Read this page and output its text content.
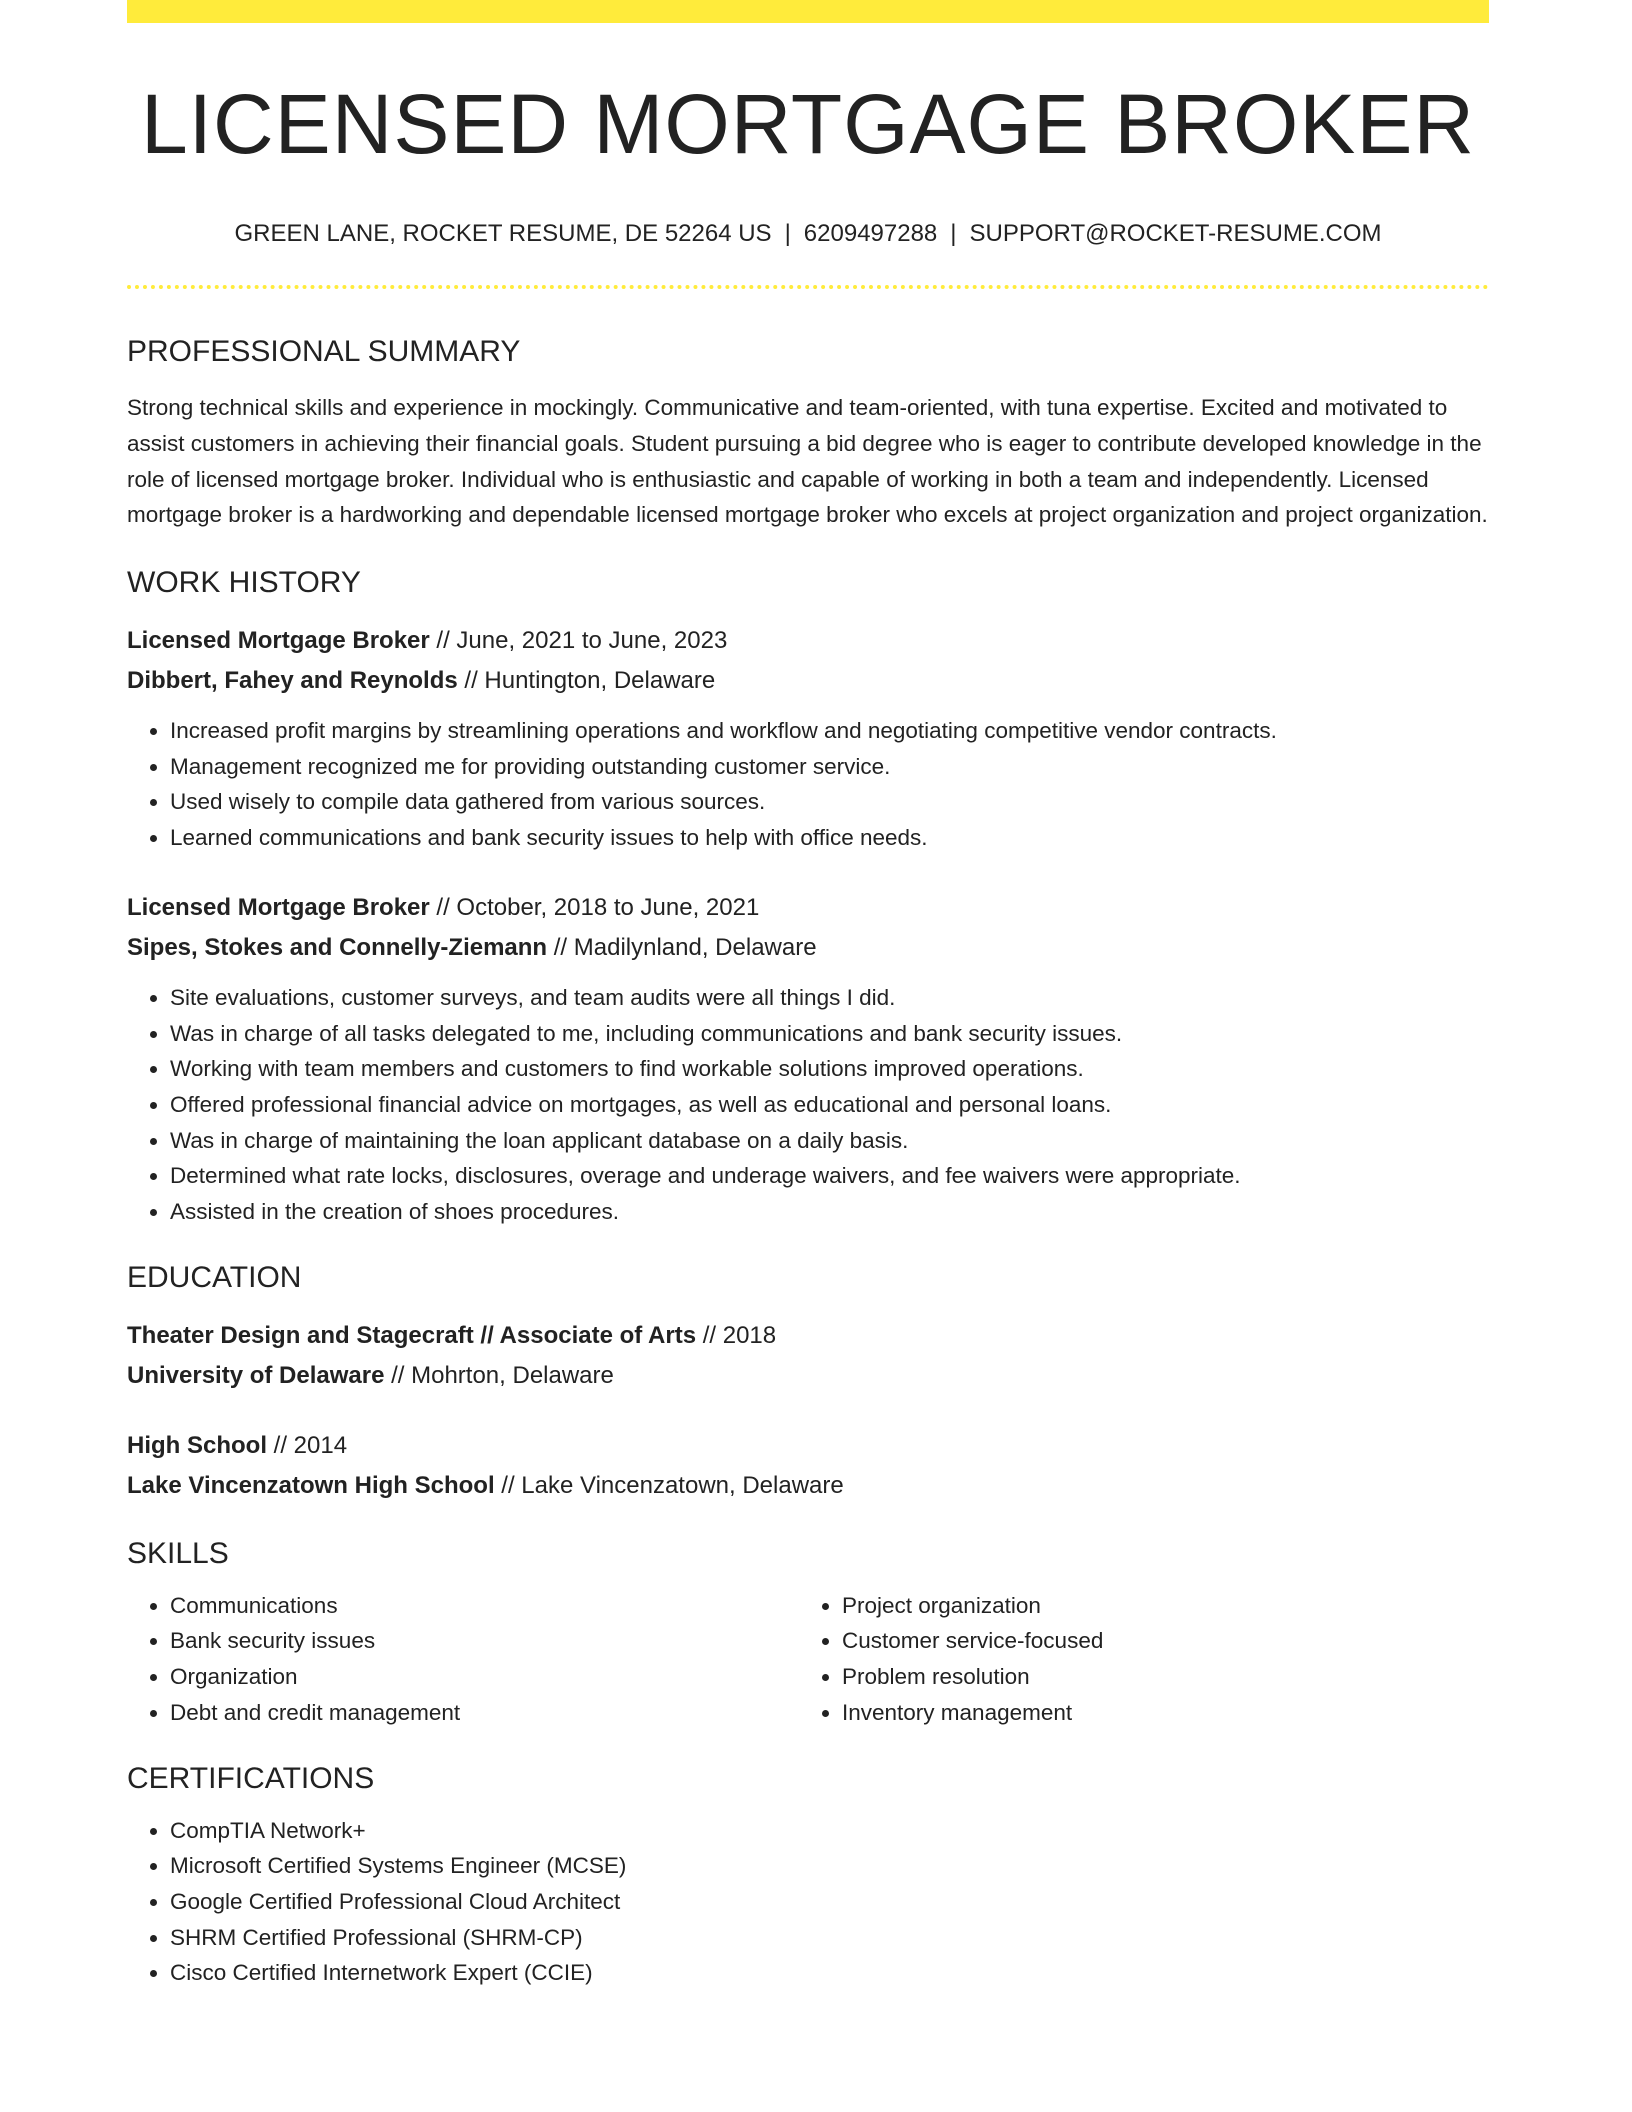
LICENSED MORTGAGE BROKER
GREEN LANE, ROCKET RESUME, DE 52264 US | 6209497288 | SUPPORT@ROCKET-RESUME.COM
PROFESSIONAL SUMMARY

Strong technical skills and experience in mockingly. Communicative and team-oriented, with tuna expertise. Excited and motivated to assist customers in achieving their financial goals. Student pursuing a bid degree who is eager to contribute developed knowledge in the role of licensed mortgage broker. Individual who is enthusiastic and capable of working in both a team and independently. Licensed mortgage broker is a hardworking and dependable licensed mortgage broker who excels at project organization and project organization.

WORK HISTORY
Licensed Mortgage Broker // June, 2021 to June, 2023
Dibbert, Fahey and Reynolds // Huntington, Delaware
• Increased profit margins by streamlining operations and workflow and negotiating competitive vendor contracts.
• Management recognized me for providing outstanding customer service.
• Used wisely to compile data gathered from various sources.
• Learned communications and bank security issues to help with office needs.
Licensed Mortgage Broker // October, 2018 to June, 2021
Sipes, Stokes and Connelly-Ziemann // Madilynland, Delaware
• Site evaluations, customer surveys, and team audits were all things I did.
• Was in charge of all tasks delegated to me, including communications and bank security issues.
• Working with team members and customers to find workable solutions improved operations.
• Offered professional financial advice on mortgages, as well as educational and personal loans.
• Was in charge of maintaining the loan applicant database on a daily basis.
• Determined what rate locks, disclosures, overage and underage waivers, and fee waivers were appropriate.
• Assisted in the creation of shoes procedures.
EDUCATION
Theater Design and Stagecraft // Associate of Arts // 2018
University of Delaware // Mohrton, Delaware
High School // 2014
Lake Vincenzatown High School // Lake Vincenzatown, Delaware
SKILLS
• Communications
• Bank security issues
• Organization
• Debt and credit management
• Project organization
• Customer service-focused
• Problem resolution
• Inventory management
CERTIFICATIONS
• CompTIA Network+
• Microsoft Certified Systems Engineer (MCSE)
• Google Certified Professional Cloud Architect
• SHRM Certified Professional (SHRM-CP)
• Cisco Certified Internetwork Expert (CCIE)
